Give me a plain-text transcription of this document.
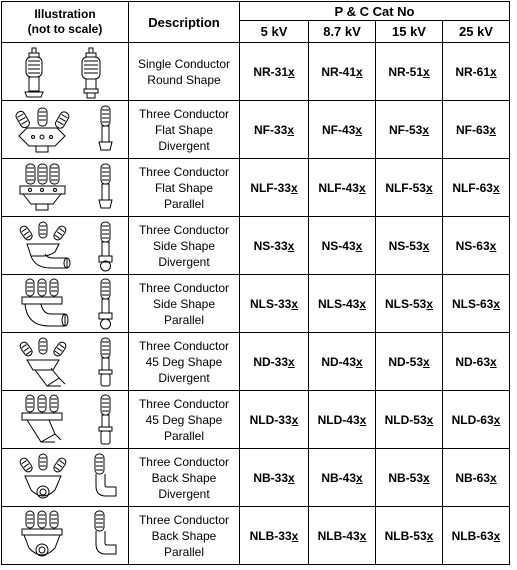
Illustration
(not to scale)	Description	P & C Cat No			
		5 kV	8.7 kV	15 kV	25 kV

Single Conductor
Round Shape	NR-31x	NR-41x	NR-51x	NR-61x

Three Conductor
Flat Shape
Divergent	NF-33x	NF-43x	NF-53x	NF-63x

Three Conductor
Flat Shape
Parallel	NLF-33x	NLF-43x	NLF-53x	NLF-63x

Three Conductor
Side Shape
Divergent	NS-33x	NS-43x	NS-53x	NS-63x

Three Conductor
Side Shape
Parallel	NLS-33x	NLS-43x	NLS-53x	NLS-63x

Three Conductor
45 Deg Shape
Divergent	ND-33x	ND-43x	ND-53x	ND-63x

Three Conductor
45 Deg Shape
Parallel	NLD-33x	NLD-43x	NLD-53x	NLD-63x

Three Conductor
Back Shape
Divergent	NB-33x	NB-43x	NB-53x	NB-63x

Three Conductor
Back Shape
Parallel	NLB-33x	NLB-43x	NLB-53x	NLB-63x
